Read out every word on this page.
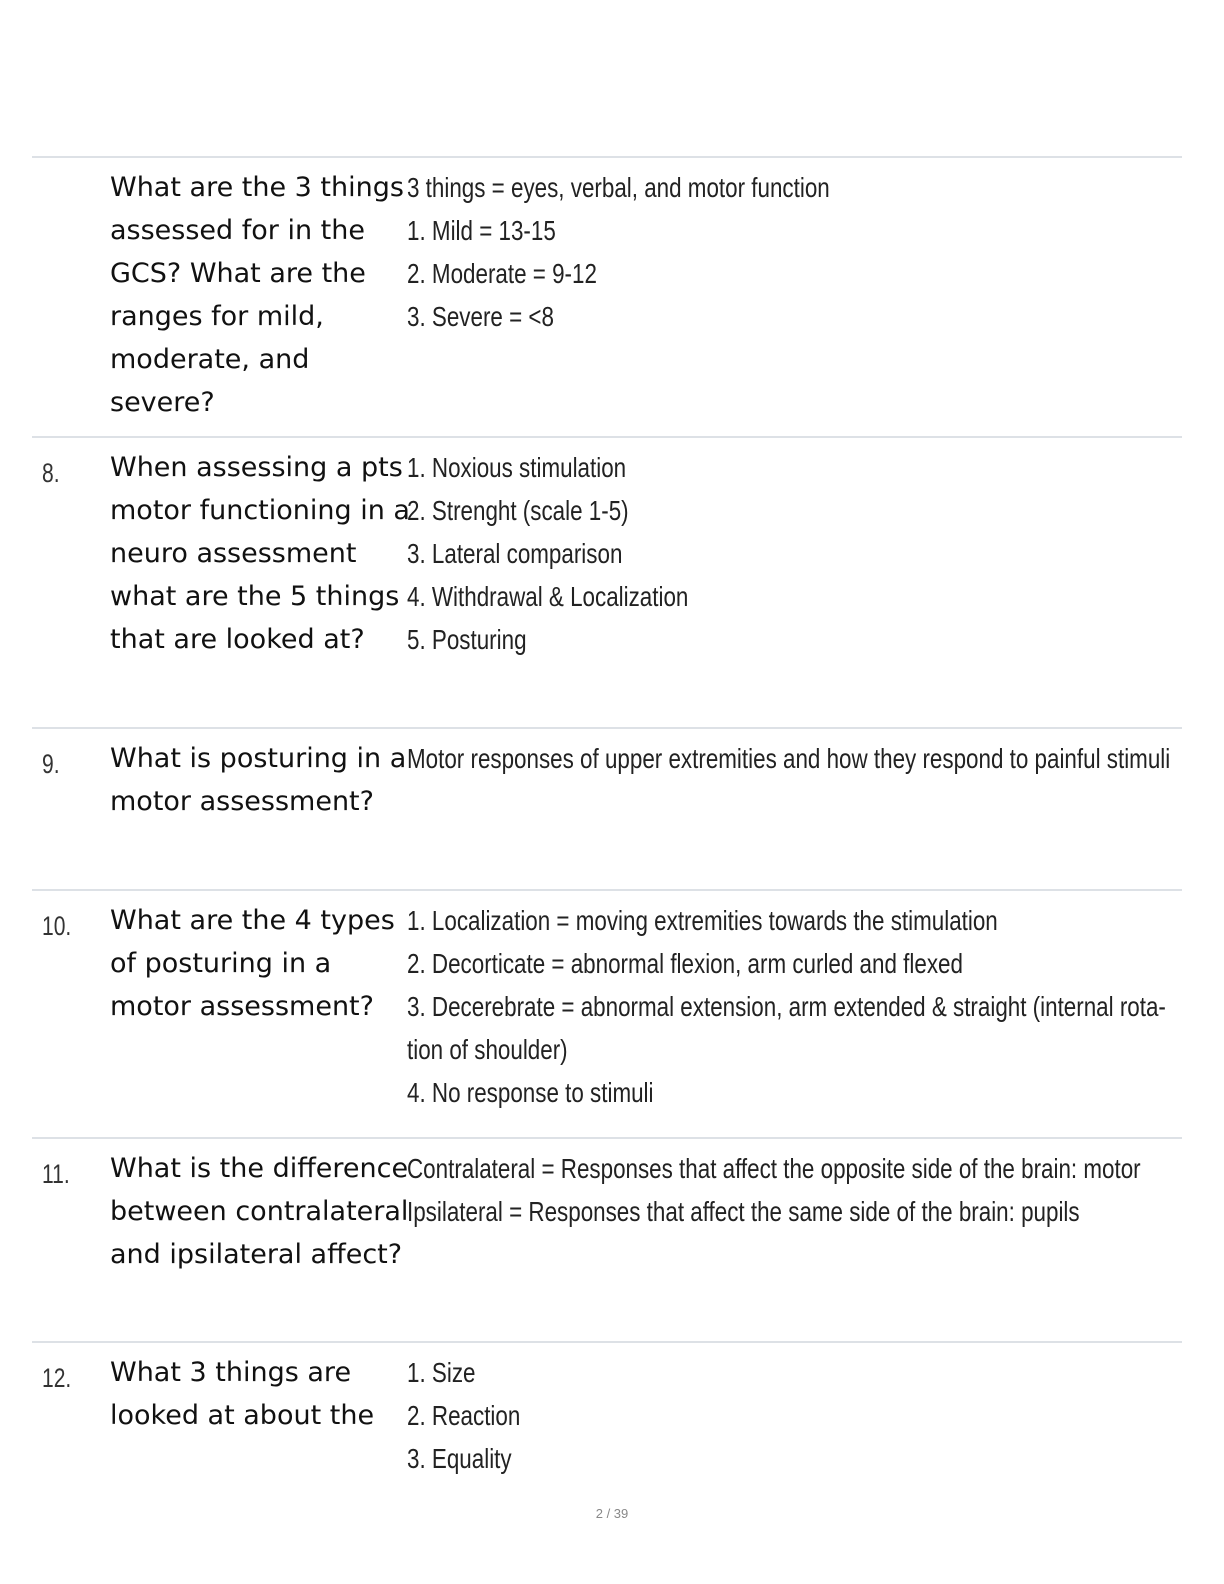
What are the 3 things assessed for in the GCS? What are the ranges for mild, moderate, and severe?
3 things = eyes, verbal, and motor function
1. Mild = 13-15
2. Moderate = 9-12
3. Severe = <8
8. When assessing a pts motor functioning in a neuro assessment what are the 5 things that are looked at?
1. Noxious stimulation
2. Strenght (scale 1-5)
3. Lateral comparison
4. Withdrawal & Localization
5. Posturing
9. What is posturing in a motor assessment?
Motor responses of upper extremities and how they respond to painful stimuli
10. What are the 4 types of posturing in a motor assessment?
1. Localization = moving extremities towards the stimulation
2. Decorticate = abnormal flexion, arm curled and flexed
3. Decerebrate = abnormal extension, arm extended & straight (internal rota-
tion of shoulder)
4. No response to stimuli
11. What is the difference between contralateral and ipsilateral affect?
Contralateral = Responses that affect the opposite side of the brain: motor
Ipsilateral = Responses that affect the same side of the brain: pupils
12. What 3 things are looked at about the
1. Size
2. Reaction
3. Equality
2 / 39
